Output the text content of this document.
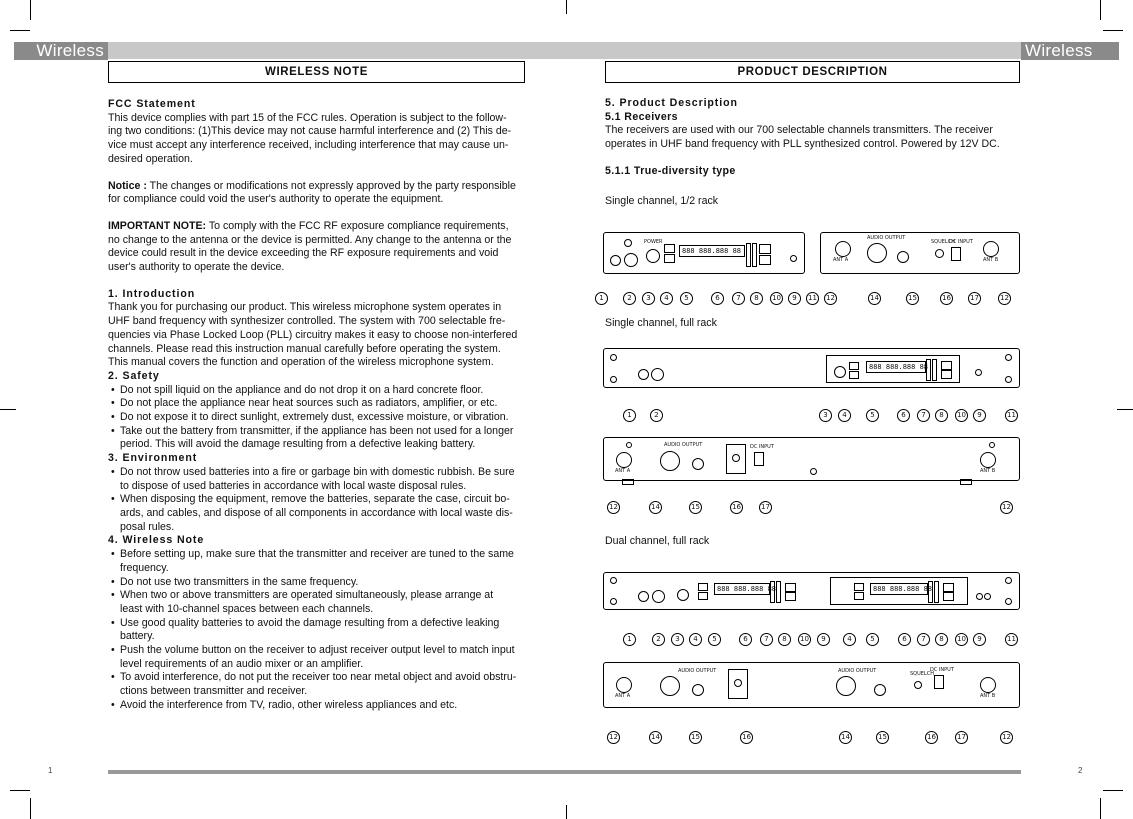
Wireless	Wireless
WIRELESS NOTE	PRODUCT DESCRIPTION
FCC Statement

This device complies with part 15 of the FCC rules. Operation is subject to the follow-

ing two conditions: (1)This device may not cause harmful interference and (2) This de-

vice must accept any interference received, including interference that may cause un-

desired operation.

Notice : The changes or modifications not expressly approved by the party responsible

for compliance could void the user's authority to operate the equipment.

IMPORTANT NOTE: To comply with the FCC RF exposure compliance requirements,

no change to the antenna or the device is permitted. Any change to the antenna or the

device could result in the device exceeding the RF exposure requirements and void

user's authority to operate the device.

1. Introduction

Thank you for purchasing our product. This wireless microphone system operates in

UHF band frequency with synthesizer controlled. The system with 700 selectable fre-

quencies via Phase Locked Loop (PLL) circuitry makes it easy to choose non-interfered

channels. Please read this instruction manual carefully before operating the system.

This manual covers the function and operation of the wireless microphone system.

2. Safety
• Do not spill liquid on the appliance and do not drop it on a hard concrete floor.
• Do not place the appliance near heat sources such as radiators, amplifier, or etc.
• Do not expose it to direct sunlight, extremely dust, excessive moisture, or vibration.
• Take out the battery from transmitter, if the appliance has been not used for a longer
period. This will avoid the damage resulting from a defective leaking battery.
3. Environment
• Do not throw used batteries into a fire or garbage bin with domestic rubbish. Be sure
to dispose of used batteries in accordance with local waste disposal rules.
• When disposing the equipment, remove the batteries, separate the case, circuit bo-
ards, and cables, and dispose of all components in accordance with local waste dis-
posal rules.
4. Wireless Note
• Before setting up, make sure that the transmitter and receiver are tuned to the same
frequency.
• Do not use two transmitters in the same frequency.
• When two or above transmitters are operated simultaneously, please arrange at
least with 10-channel spaces between each channels.
• Use good quality batteries to avoid the damage resulting from a defective leaking
battery.
• Push the volume button on the receiver to adjust receiver output level to match input
level requirements of an audio mixer or an amplifier.
• To avoid interference, do not put the receiver too near metal object and avoid obstru-
ctions between transmitter and receiver.
• Avoid the interference from TV, radio, other wireless appliances and etc.
5. Product Description
5.1 Receivers

The receivers are used with our 700 selectable channels transmitters. The receiver

operates in UHF band frequency with PLL synthesized control. Powered by 12V DC.

5.1.1 True-diversity type
Single channel, 1/2 rack
Single channel, full rack
Dual channel, full rack
POWER
888 888.888 88
ANT A
AUDIO OUTPUT
SQUELCH
DC INPUT
ANT B
1	2	3	4	5	6	7	8	10	9	11 12	14	15	16	17	12
888 888.888 88
1	2	3	4	5	6	7	8	10	9	11
ANT A
AUDIO OUTPUT	DC INPUT
ANT B
12	14	15	16	17	12
888 888.888 88	888 888.888 88
1	2	3	4	5	6	7	8	10	9	4	5	6	7	8	10	9	11
ANT A
AUDIO OUTPUT	AUDIO OUTPUT	SQUELCH
DC INPUT
ANT B
12	14	15	16	14	15	16	17	12
1	2
